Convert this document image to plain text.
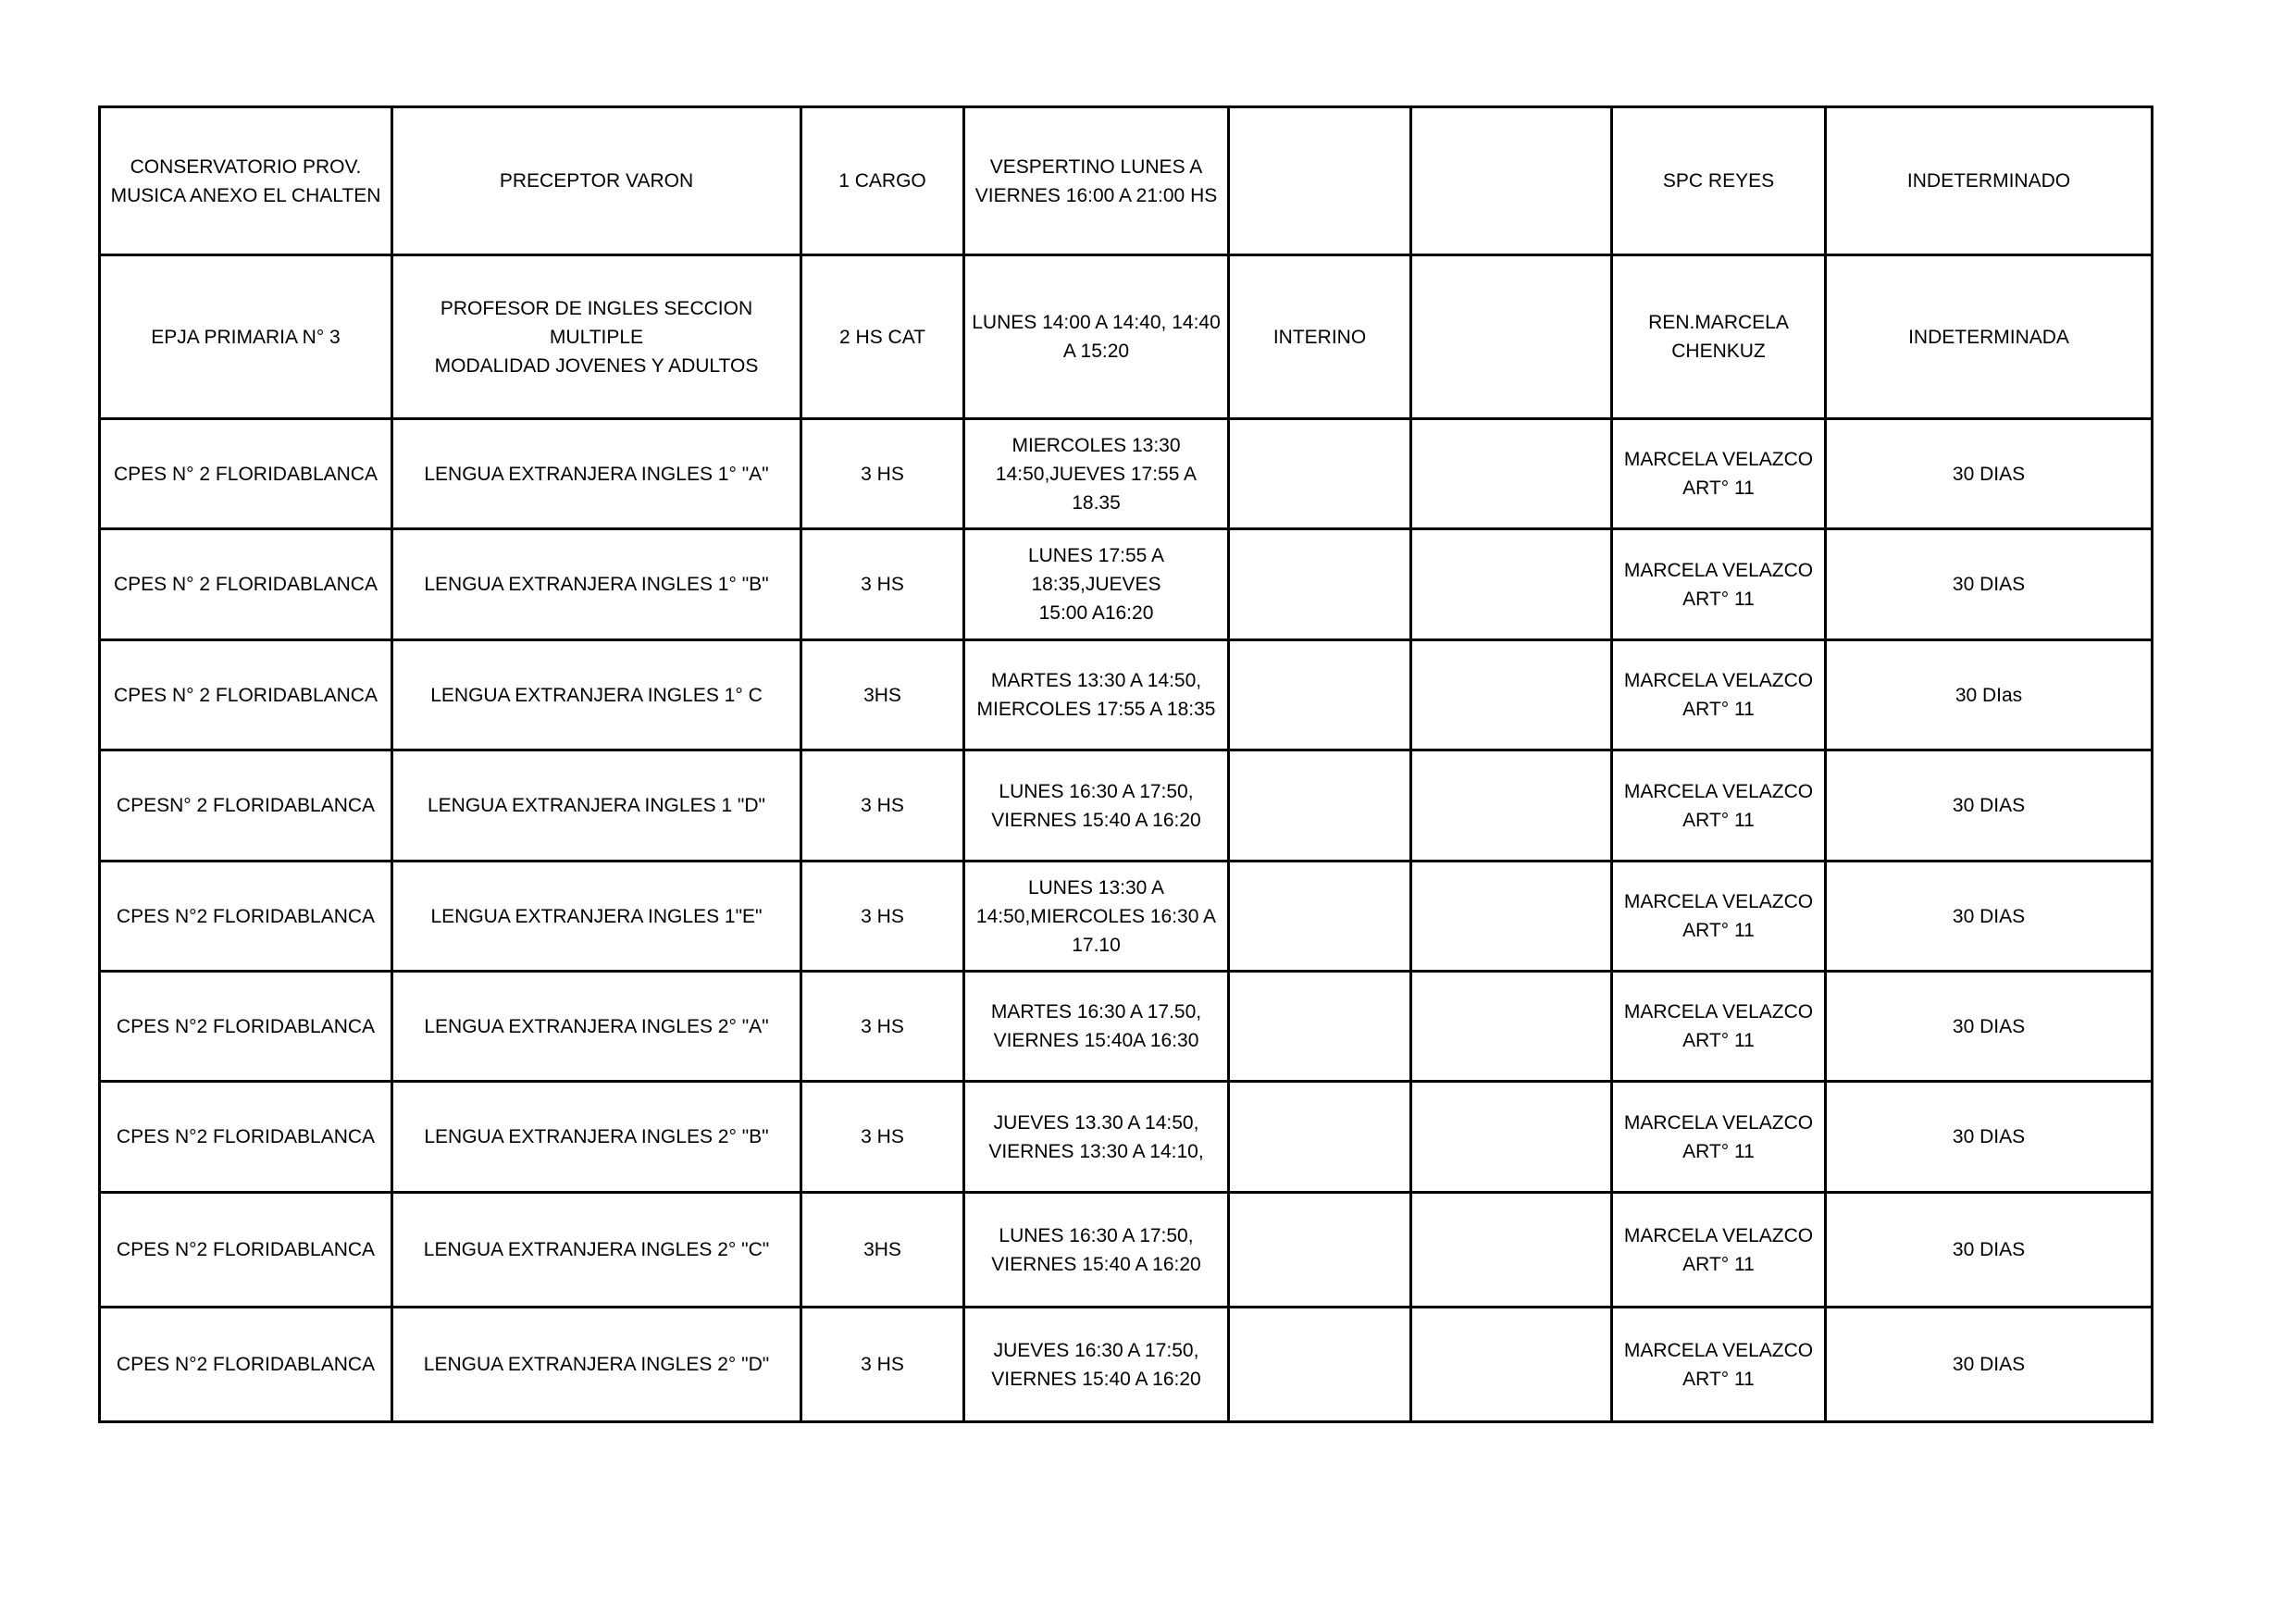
CONSERVATORIO PROV.
MUSICA ANEXO EL CHALTEN	PRECEPTOR VARON	1 CARGO	VESPERTINO LUNES A
VIERNES 16:00 A 21:00 HS			SPC REYES	INDETERMINADO

EPJA PRIMARIA N° 3	PROFESOR DE INGLES SECCION MULTIPLE
MODALIDAD JOVENES Y ADULTOS	2 HS CAT	LUNES 14:00 A 14:40, 14:40
A 15:20	INTERINO		REN.MARCELA
CHENKUZ	INDETERMINADA

CPES N° 2 FLORIDABLANCA	LENGUA EXTRANJERA INGLES 1° "A"	3 HS	MIERCOLES 13:30
14:50,JUEVES 17:55 A 18.35			MARCELA VELAZCO
ART° 11	30 DIAS

CPES N° 2 FLORIDABLANCA	LENGUA EXTRANJERA INGLES 1° "B"	3 HS	LUNES 17:55 A 18:35,JUEVES
15:00 A16:20			MARCELA VELAZCO
ART° 11	30 DIAS

CPES N° 2 FLORIDABLANCA	LENGUA EXTRANJERA INGLES 1° C	3HS	MARTES 13:30 A 14:50,
MIERCOLES 17:55 A 18:35			MARCELA VELAZCO
ART° 11	30 DIas

CPESN° 2 FLORIDABLANCA	LENGUA EXTRANJERA INGLES 1 "D"	3 HS	LUNES 16:30 A 17:50,
VIERNES 15:40 A 16:20			MARCELA VELAZCO
ART° 11	30 DIAS

CPES N°2 FLORIDABLANCA	LENGUA EXTRANJERA INGLES 1"E"	3 HS	LUNES 13:30 A
14:50,MIERCOLES 16:30 A
17.10			MARCELA VELAZCO
ART° 11	30 DIAS

CPES N°2 FLORIDABLANCA	LENGUA EXTRANJERA INGLES 2° "A"	3 HS	MARTES 16:30 A 17.50,
VIERNES 15:40A 16:30			MARCELA VELAZCO
ART° 11	30 DIAS

CPES N°2 FLORIDABLANCA	LENGUA EXTRANJERA INGLES 2° "B"	3 HS	JUEVES 13.30 A 14:50,
VIERNES 13:30 A 14:10,			MARCELA VELAZCO
ART° 11	30 DIAS

CPES N°2 FLORIDABLANCA	LENGUA EXTRANJERA INGLES 2° "C"	3HS	LUNES 16:30 A 17:50,
VIERNES 15:40 A 16:20			MARCELA VELAZCO
ART° 11	30 DIAS

CPES N°2 FLORIDABLANCA	LENGUA EXTRANJERA INGLES 2° "D"	3 HS	JUEVES 16:30 A 17:50,
VIERNES 15:40 A 16:20			MARCELA VELAZCO
ART° 11	30 DIAS
